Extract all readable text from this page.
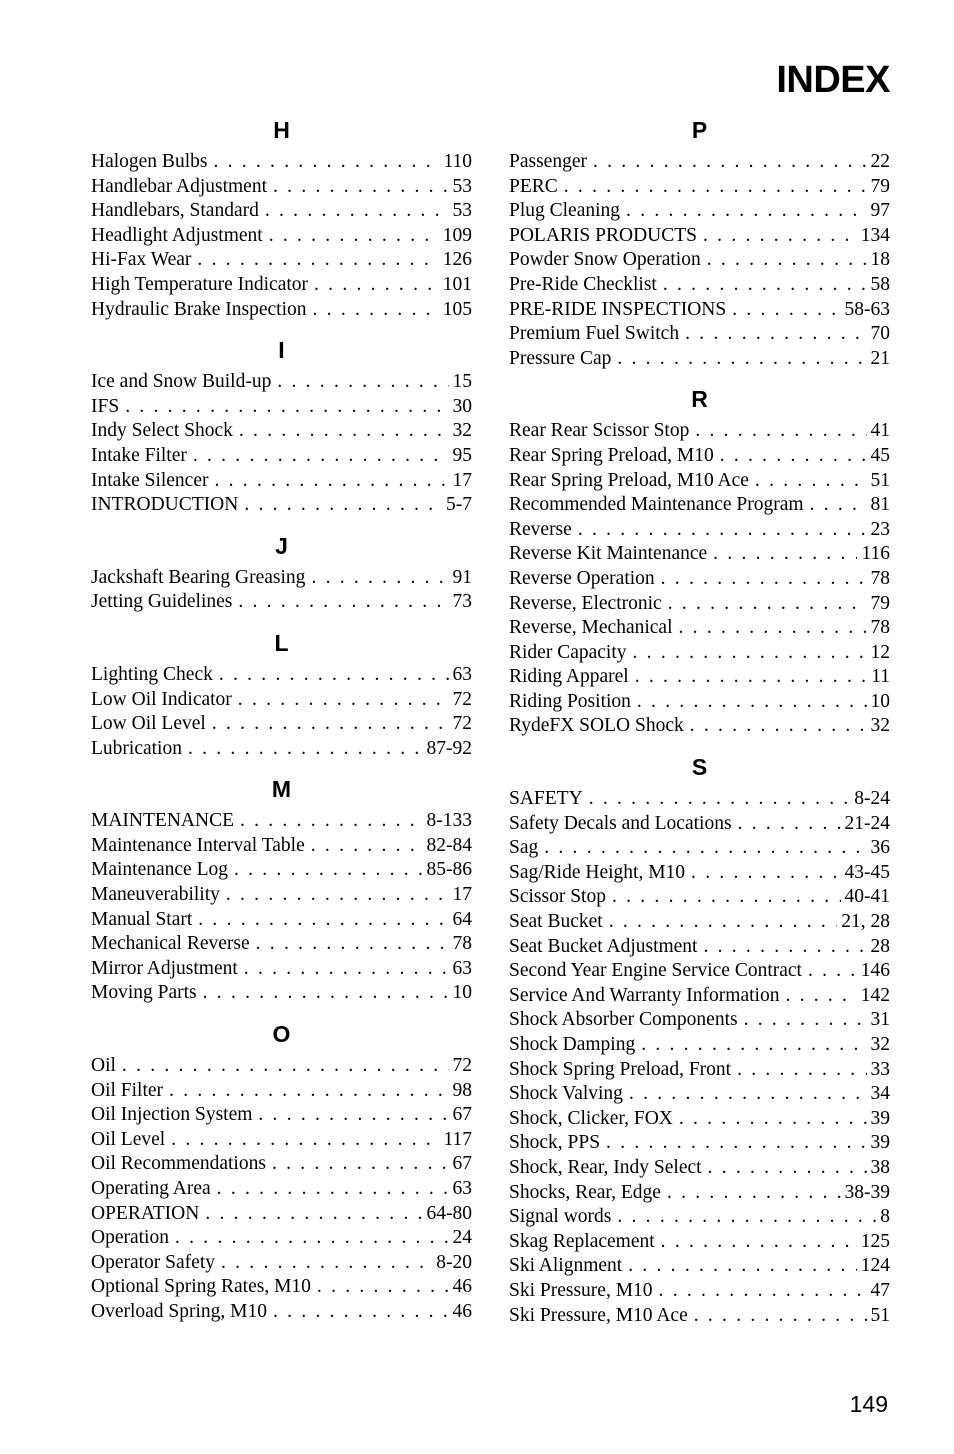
INDEX
H
Halogen Bulbs . . .	110
Handlebar Adjustment . . .	53
Handlebars, Standard . . .	53
Headlight Adjustment . . .	109
Hi-Fax Wear . . .	126
High Temperature Indicator . . .	101
Hydraulic Brake Inspection . . .	105
I
Ice and Snow Build-up . . .	15
IFS . . .	30
Indy Select Shock . . .	32
Intake Filter . . .	95
Intake Silencer . . .	17
INTRODUCTION . . .	5-7
J
Jackshaft Bearing Greasing . . .	91
Jetting Guidelines . . .	73
L
Lighting Check . . .	63
Low Oil Indicator . . .	72
Low Oil Level . . .	72
Lubrication . . .	87-92
M
MAINTENANCE . . .	8-133
Maintenance Interval Table . . .	82-84
Maintenance Log . . .	85-86
Maneuverability . . .	17
Manual Start . . .	64
Mechanical Reverse . . .	78
Mirror Adjustment . . .	63
Moving Parts . . .	10
O
Oil . . .	72
Oil Filter . . .	98
Oil Injection System . . .	67
Oil Level . . .	117
Oil Recommendations . . .	67
Operating Area . . .	63
OPERATION . . .	64-80
Operation . . .	24
Operator Safety . . .	8-20
Optional Spring Rates, M10 . . .	46
Overload Spring, M10 . . .	46
P
Passenger . . .	22
PERC . . .	79
Plug Cleaning . . .	97
POLARIS PRODUCTS . . .	134
Powder Snow Operation . . .	18
Pre-Ride Checklist . . .	58
PRE-RIDE INSPECTIONS . . .	58-63
Premium Fuel Switch . . .	70
Pressure Cap . . .	21
R
Rear Rear Scissor Stop . . .	41
Rear Spring Preload, M10 . . .	45
Rear Spring Preload, M10 Ace . . .	51
Recommended Maintenance Program . . .	81
Reverse . . .	23
Reverse Kit Maintenance . . .	116
Reverse Operation . . .	78
Reverse, Electronic . . .	79
Reverse, Mechanical . . .	78
Rider Capacity . . .	12
Riding Apparel . . .	11
Riding Position . . .	10
RydeFX SOLO Shock . . .	32
S
SAFETY . . .	8-24
Safety Decals and Locations . . .	21-24
Sag . . .	36
Sag/Ride Height, M10 . . .	43-45
Scissor Stop . . .	40-41
Seat Bucket . . .	21, 28
Seat Bucket Adjustment . . .	28
Second Year Engine Service Contract . . .	146
Service And Warranty Information . . .	142
Shock Absorber Components . . .	31
Shock Damping . . .	32
Shock Spring Preload, Front . . .	33
Shock Valving . . .	34
Shock, Clicker, FOX . . .	39
Shock, PPS . . .	39
Shock, Rear, Indy Select . . .	38
Shocks, Rear, Edge . . .	38-39
Signal words . . .	8
Skag Replacement . . .	125
Ski Alignment . . .	124
Ski Pressure, M10 . . .	47
Ski Pressure, M10 Ace . . .	51
149
